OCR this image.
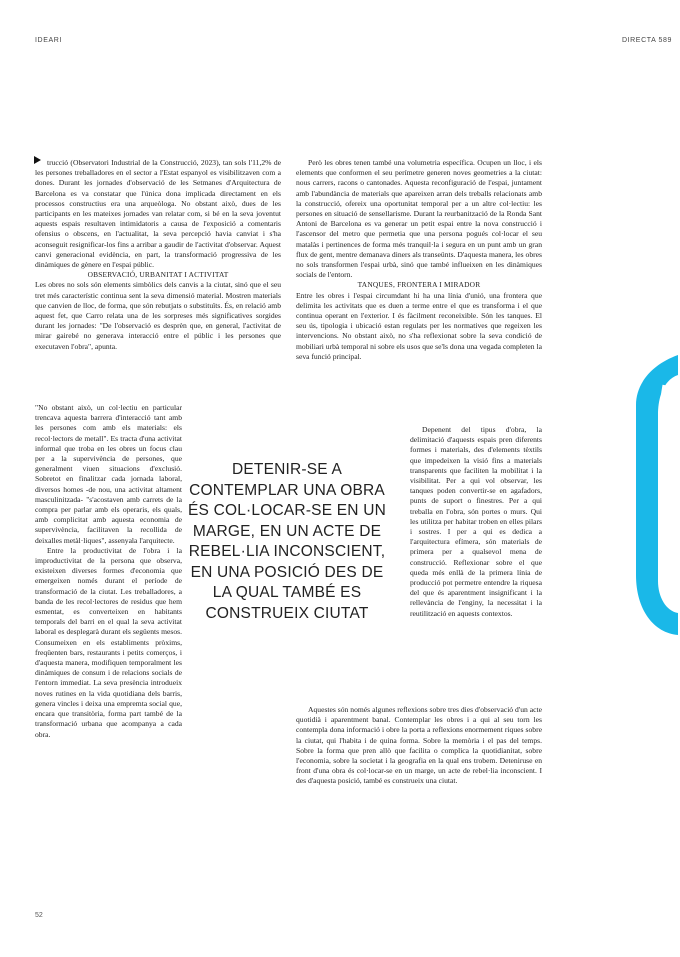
IDEARI	DIRECTA 589

trucció (Observatori Industrial de la Construcció, 2023), tan sols l'11,2% de les persones treballadores en el sector a l'Estat espanyol es visibilitzaven com a dones. Durant les jornades d'observació de les Setmanes d'Arquitectura de Barcelona es va constatar que l'única dona implicada directament en els processos constructius era una arqueòloga. No obstant això, dues de les participants en les mateixes jornades van relatar com, si bé en la seva joventut aquests espais resultaven intimidatoris a causa de l'exposició a comentaris ofensius o obscens, en l'actualitat, la seva percepció havia canviat i s'ha aconseguit resignificar-los fins a arribar a gaudir de l'activitat d'observar. Aquest canvi generacional evidència, en part, la transformació progressiva de les dinàmiques de gènere en l'espai públic.

OBSERVACIÓ, URBANITAT I ACTIVITAT

Les obres no sols són elements simbòlics dels canvis a la ciutat, sinó que el seu tret més característic continua sent la seva dimensió material. Mostren materials que canvien de lloc, de forma, que són rebutjats o substituïts. És, en relació amb aquest fet, que Carro relata una de les sorpreses més significatives sorgides durant les jornades: "De l'observació es desprèn que, en general, l'activitat de mirar gairebé no generava interacció entre el públic i les persones que executaven l'obra", apunta.

"No obstant això, un col·lectiu en particular trencava aquesta barrera d'interacció tant amb les persones com amb els materials: els recol·lectors de metall". Es tracta d'una activitat informal que troba en les obres un focus clau per a la supervivència de persones, que generalment viuen situacions d'exclusió. Sobretot en finalitzar cada jornada laboral, diversos homes -de nou, una activitat altament masculinitzada- "s'acostaven amb carrets de la compra per parlar amb els operaris, els quals, amb complicitat amb aquesta economia de supervivència, facilitaven la recollida de deixalles metàl·liques", assenyala l'arquitecte.

Entre la productivitat de l'obra i la improductivitat de la persona que observa, existeixen diverses formes d'economia que emergeixen només durant el període de transformació de la ciutat. Les treballadores, a banda de les recol·lectores de residus que hem esmentat, es converteixen en habitants temporals del barri en el qual la seva activitat laboral es desplegarà durant els següents mesos. Consumeixen en els establiments pròxims, freqüenten bars, restaurants i petits comerços, i d'aquesta manera, modifiquen temporalment les dinàmiques de consum i de relacions socials de l'entorn immediat. La seva presència introdueix noves rutines en la vida quotidiana dels barris, genera vincles i deixa una empremta social que, encara que transitòria, forma part també de la transformació urbana que acompanya a cada obra.

DETENIR-SE A CONTEMPLAR UNA OBRA ÉS COL·LOCAR-SE EN UN MARGE, EN UN ACTE DE REBEL·LIA INCONSCIENT, EN UNA POSICIÓ DES DE LA QUAL TAMBÉ ES CONSTRUEIX CIUTAT

Però les obres tenen també una volumetria específica. Ocupen un lloc, i els elements que conformen el seu perímetre generen noves geometries a la ciutat: nous carrers, racons o cantonades. Aquesta reconfiguració de l'espai, juntament amb l'abundància de materials que apareixen arran dels treballs relacionats amb la construcció, ofereix una oportunitat temporal per a un altre col·lectiu: les persones en situació de sensellarisme. Durant la reurbanització de la Ronda Sant Antoni de Barcelona es va generar un petit espai entre la nova construcció i l'ascensor del metro que permetia que una persona pogués col·locar el seu matalàs i pertinences de forma més tranquil·la i segura en un punt amb un gran flux de gent, mentre demanava diners als transeünts. D'aquesta manera, les obres no sols transformen l'espai urbà, sinó que també influeixen en les dinàmiques socials de l'entorn.

TANQUES, FRONTERA I MIRADOR

Entre les obres i l'espai circumdant hi ha una línia d'unió, una frontera que delimita les activitats que es duen a terme entre el que es transforma i el que continua operant en l'exterior. I és fàcilment reconeixible. Són les tanques. El seu ús, tipologia i ubicació estan regulats per les normatives que regeixen les intervencions. No obstant això, no s'ha reflexionat sobre la seva condició de mobiliari urbà temporal ni sobre els usos que se'ls dona una vegada completen la seva funció principal.

Depenent del tipus d'obra, la delimitació d'aquests espais pren diferents formes i materials, des d'elements tèxtils que impedeixen la visió fins a materials transparents que faciliten la mobilitat i la visibilitat. Per a qui vol observar, les tanques poden convertir-se en agafadors, punts de suport o finestres. Per a qui treballa en l'obra, són portes o murs. Qui les utilitza per habitar troben en elles pilars i sostres. I per a qui es dedica a l'arquitectura efímera, són materials de primera per a qualsevol mena de construcció. Reflexionar sobre el que queda més enllà de la primera línia de producció pot permetre entendre la riquesa del que és aparentment insignificant i la rellevància de l'enginy, la necessitat i la reutilització en aquests contextos.

Aquestes són només algunes reflexions sobre tres dies d'observació d'un acte quotidià i aparentment banal. Contemplar les obres i a qui al seu torn les contempla dona informació i obre la porta a reflexions enormement riques sobre la ciutat, qui l'habita i de quina forma. Sobre la memòria i el pas del temps. Sobre la forma que pren allò que facilita o complica la quotidianitat, sobre l'economia, sobre la societat i la geografia en la qual ens trobem. Deteniruse en front d'una obra és col·locar-se en un marge, un acte de rebel·lia inconscient. I des d'aquesta posició, també es construeix una ciutat.

52
